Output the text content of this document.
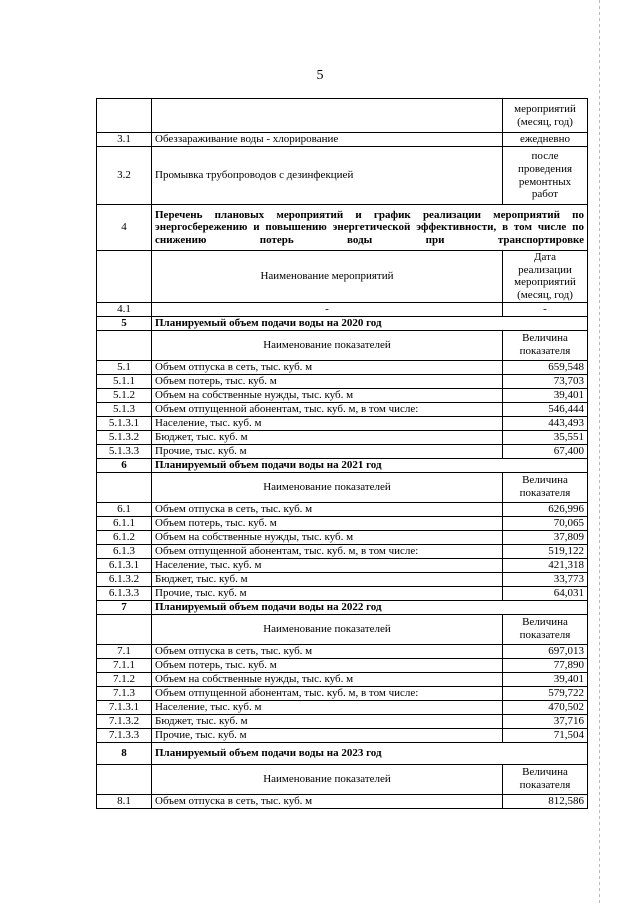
5
		мероприятий (месяц, год)
3.1	Обеззараживание воды - хлорирование	ежедневно
3.2	Промывка трубопроводов с дезинфекцией	после проведения ремонтных работ
4	Перечень плановых мероприятий и график реализации мероприятий по энергосбережению и повышению энергетической эффективности, в том числе по снижению потерь воды при транспортировке	
	Наименование мероприятий	Дата реализации мероприятий (месяц, год)
4.1	-	-
5	Планируемый объем подачи воды на 2020 год	
	Наименование показателей	Величина показателя
5.1	Объем отпуска в сеть, тыс. куб. м	659,548
5.1.1	Объем потерь, тыс. куб. м	73,703
5.1.2	Объем на собственные нужды, тыс. куб. м	39,401
5.1.3	Объем отпущенной абонентам, тыс. куб. м, в том числе:	546,444
5.1.3.1	Население, тыс. куб. м	443,493
5.1.3.2	Бюджет, тыс. куб. м	35,551
5.1.3.3	Прочие, тыс. куб. м	67,400
6	Планируемый объем подачи воды на 2021 год	
	Наименование показателей	Величина показателя
6.1	Объем отпуска в сеть, тыс. куб. м	626,996
6.1.1	Объем потерь, тыс. куб. м	70,065
6.1.2	Объем на собственные нужды, тыс. куб. м	37,809
6.1.3	Объем отпущенной абонентам, тыс. куб. м, в том числе:	519,122
6.1.3.1	Население, тыс. куб. м	421,318
6.1.3.2	Бюджет, тыс. куб. м	33,773
6.1.3.3	Прочие, тыс. куб. м	64,031
7	Планируемый объем подачи воды на 2022 год	
	Наименование показателей	Величина показателя
7.1	Объем отпуска в сеть, тыс. куб. м	697,013
7.1.1	Объем потерь, тыс. куб. м	77,890
7.1.2	Объем на собственные нужды, тыс. куб. м	39,401
7.1.3	Объем отпущенной абонентам, тыс. куб. м, в том числе:	579,722
7.1.3.1	Население, тыс. куб. м	470,502
7.1.3.2	Бюджет, тыс. куб. м	37,716
7.1.3.3	Прочие, тыс. куб. м	71,504
8	Планируемый объем подачи воды на 2023 год	
	Наименование показателей	Величина показателя
8.1	Объем отпуска в сеть, тыс. куб. м	812,586
